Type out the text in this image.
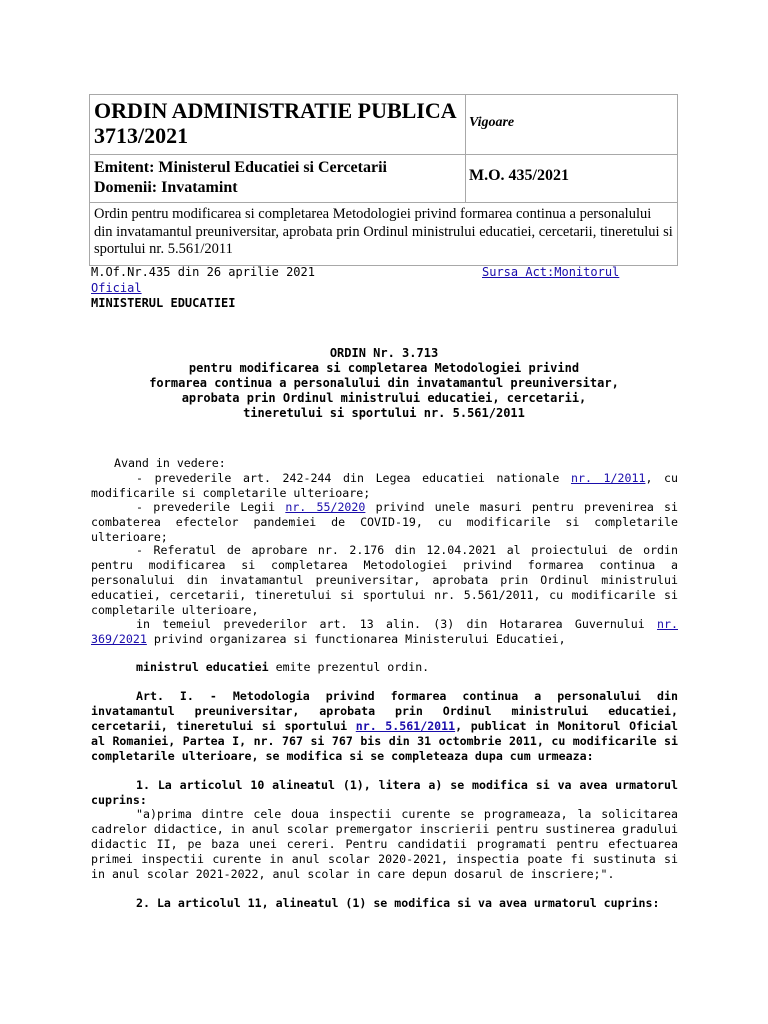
ORDIN ADMINISTRATIE PUBLICA 3713/2021
Vigoare
Emitent: Ministerul Educatiei si Cercetarii
Domenii: Invatamint
M.O. 435/2021
Ordin pentru modificarea si completarea Metodologiei privind formarea continua a personalului din invatamantul preuniversitar, aprobata prin Ordinul ministrului educatiei, cercetarii, tineretului si sportului nr. 5.561/2011
M.Of.Nr.435 din 26 aprilie 2021	Sursa Act:Monitorul
Oficial
MINISTERUL EDUCATIEI
ORDIN Nr. 3.713
pentru modificarea si completarea Metodologiei privind
formarea continua a personalului din invatamantul preuniversitar,
aprobata prin Ordinul ministrului educatiei, cercetarii,
tineretului si sportului nr. 5.561/2011
Avand in vedere:
- prevederile art. 242-244 din Legea educatiei nationale nr. 1/2011, cu modificarile si completarile ulterioare;
- prevederile Legii nr. 55/2020 privind unele masuri pentru prevenirea si combaterea efectelor pandemiei de COVID-19, cu modificarile si completarile ulterioare;
- Referatul de aprobare nr. 2.176 din 12.04.2021 al proiectului de ordin pentru modificarea si completarea Metodologiei privind formarea continua a personalului din invatamantul preuniversitar, aprobata prin Ordinul ministrului educatiei, cercetarii, tineretului si sportului nr. 5.561/2011, cu modificarile si completarile ulterioare,
in temeiul prevederilor art. 13 alin. (3) din Hotararea Guvernului nr. 369/2021 privind organizarea si functionarea Ministerului Educatiei,
ministrul educatiei emite prezentul ordin.
Art. I. - Metodologia privind formarea continua a personalului din invatamantul preuniversitar, aprobata prin Ordinul ministrului educatiei, cercetarii, tineretului si sportului nr. 5.561/2011, publicat in Monitorul Oficial al Romaniei, Partea I, nr. 767 si 767 bis din 31 octombrie 2011, cu modificarile si completarile ulterioare, se modifica si se completeaza dupa cum urmeaza:
1. La articolul 10 alineatul (1), litera a) se modifica si va avea urmatorul cuprins:
"a)prima dintre cele doua inspectii curente se programeaza, la solicitarea cadrelor didactice, in anul scolar premergator inscrierii pentru sustinerea gradului didactic II, pe baza unei cereri. Pentru candidatii programati pentru efectuarea primei inspectii curente in anul scolar 2020-2021, inspectia poate fi sustinuta si in anul scolar 2021-2022, anul scolar in care depun dosarul de inscriere;".
2. La articolul 11, alineatul (1) se modifica si va avea urmatorul cuprins:
